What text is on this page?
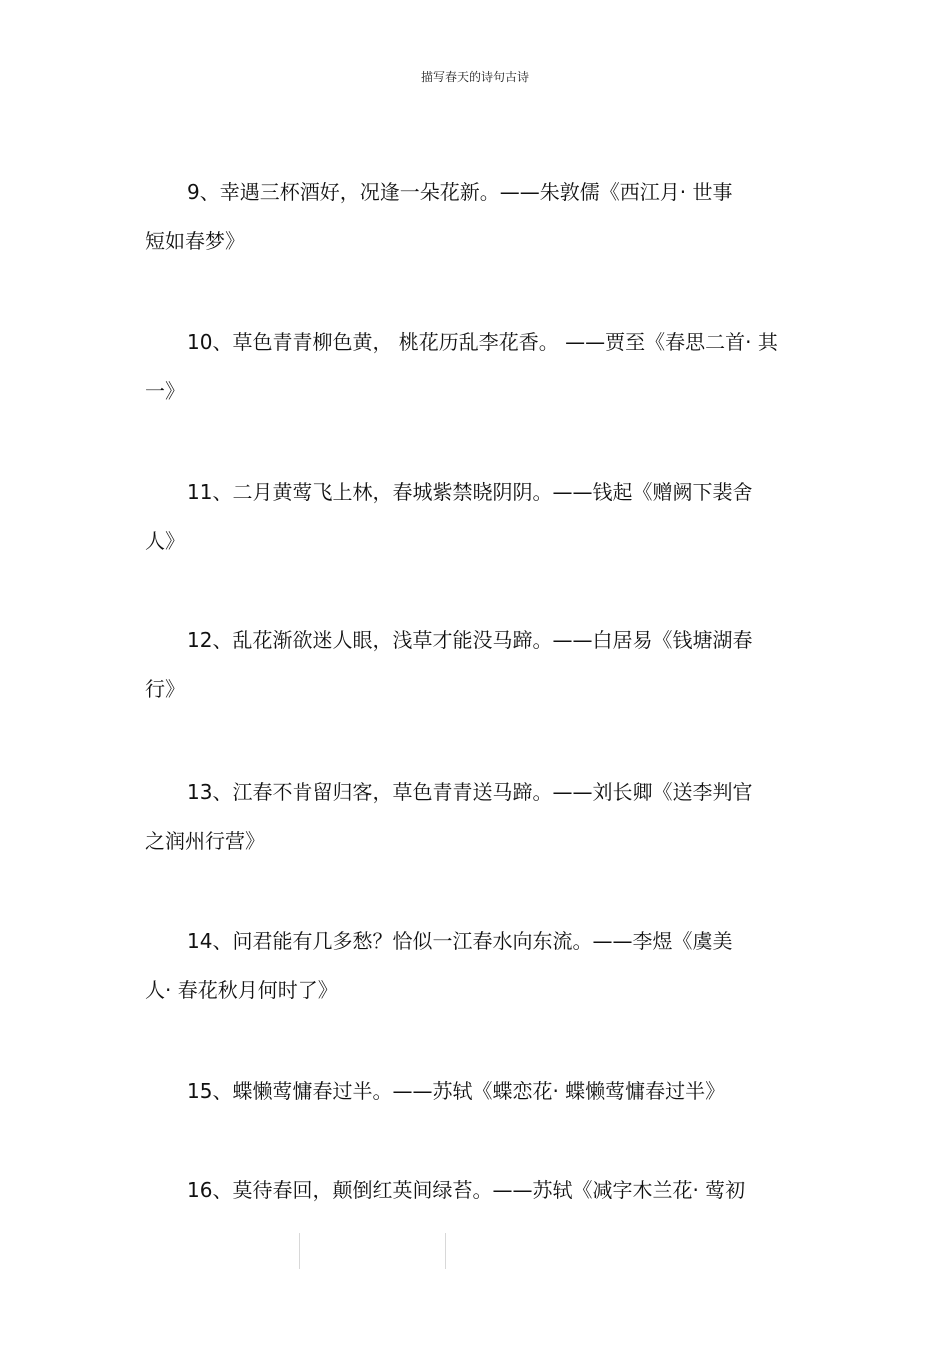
描写春天的诗句古诗
9、幸遇三杯酒好，况逢一朵花新。——朱敦儒《西江月· 世事
短如春梦》
10、草色青青柳色黄， 桃花历乱李花香。 ——贾至《春思二首· 其
一》
11、二月黄莺飞上林，春城紫禁晓阴阴。——钱起《赠阙下裴舍
人》
12、乱花渐欲迷人眼，浅草才能没马蹄。——白居易《钱塘湖春
行》
13、江春不肯留归客，草色青青送马蹄。——刘长卿《送李判官
之润州行营》
14、问君能有几多愁？恰似一江春水向东流。——李煜《虞美
人· 春花秋月何时了》
15、蝶懒莺慵春过半。——苏轼《蝶恋花· 蝶懒莺慵春过半》
16、莫待春回，颠倒红英间绿苔。——苏轼《减字木兰花· 莺初
